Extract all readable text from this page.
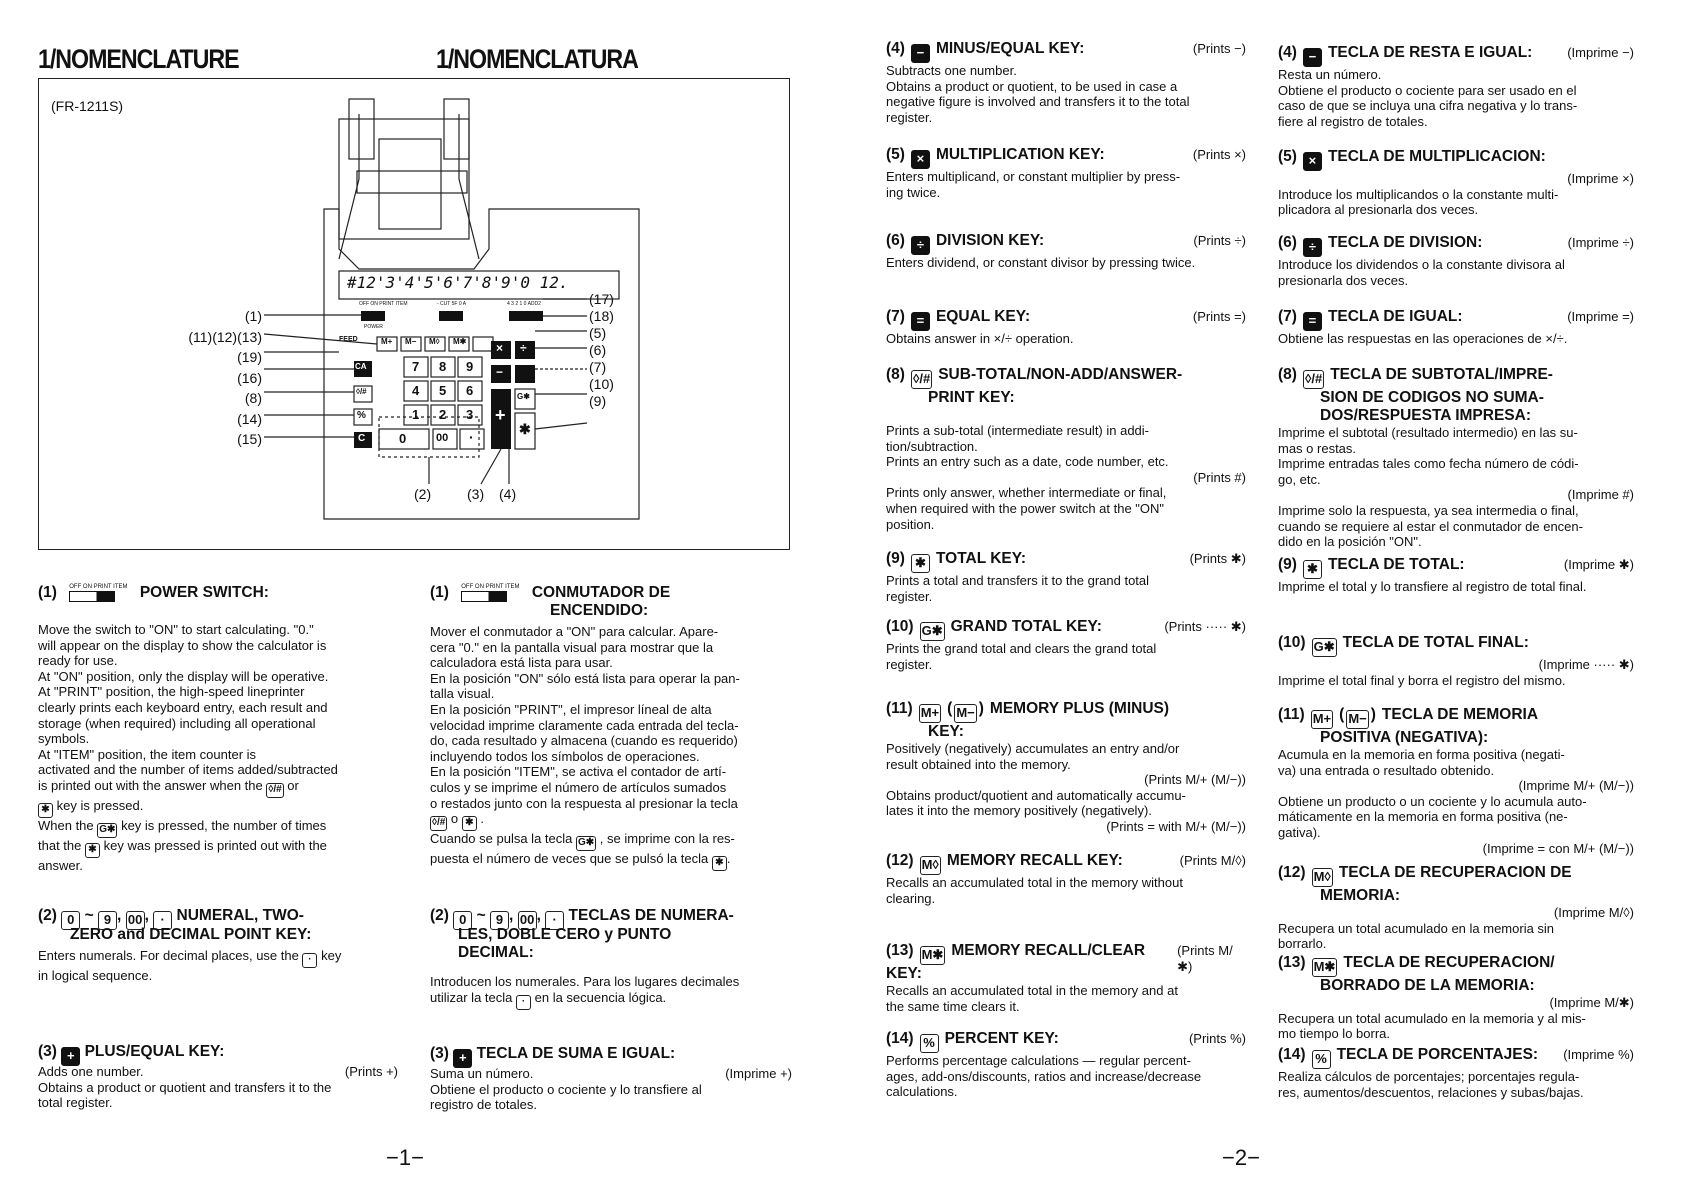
1/NOMENCLATURE	1/NOMENCLATURA
(FR-1211S)
#12'3'4'5'6'7'8'9'0 12.
(1)
(11)(12)(13)
(19)
(16)
(8)
(14)
(15)
(17)
(18)
(5)
(6)
(7)
(10)
(9)
(2)	(3) (4)
OFF ON PRINT ITEM	- CUT 5F 0 A	4 3 2 1 0 ADD2
POWER
FEED	M+ M− M◊ M✱
CA
◊/#
%
C
7 8 9
4 5 6
1 2 3
0	00 ·
× ÷
−
+
G✱
✱
(1) OFF ON PRINT ITEM POWER SWITCH:

Move the switch to "ON" to start calculating. "0."

will appear on the display to show the calculator is

ready for use.

At "ON" position, only the display will be operative.

At "PRINT" position, the high-speed lineprinter

clearly prints each keyboard entry, each result and

storage (when required) including all operational

symbols.

At "ITEM" position, the item counter is

activated and the number of items added/subtracted

is printed out with the answer when the ◊/# or

✱ key is pressed.

When the G✱ key is pressed, the number of times

that the ✱ key was pressed is printed out with the

answer.

(1) OFF ON PRINT ITEM CONMUTADOR DE
ENCENDIDO:

Mover el conmutador a "ON" para calcular. Apare-

cera "0." en la pantalla visual para mostrar que la

calculadora está lista para usar.

En la posición "ON" sólo está lista para operar la pan-

talla visual.

En la posición "PRINT", el impresor líneal de alta

velocidad imprime claramente cada entrada del tecla-

do, cada resultado y almacena (cuando es requerido)

incluyendo todos los símbolos de operaciones.

En la posición "ITEM", se activa el contador de artí-

culos y se imprime el número de artículos sumados

o restados junto con la respuesta al presionar la tecla

◊/# o ✱ .

Cuando se pulsa la tecla G✱ , se imprime con la res-

puesta el número de veces que se pulsó la tecla ✱ .

(2) 0 ~ 9 , 00 , · NUMERAL, TWO-
ZERO and DECIMAL POINT KEY:

Enters numerals. For decimal places, use the · key

in logical sequence.

(2) 0 ~ 9 , 00 , · TECLAS DE NUMERA-
LES, DOBLE CERO y PUNTO
DECIMAL:

Introducen los numerales. Para los lugares decimales

utilizar la tecla · en la secuencia lógica.

(3) + PLUS/EQUAL KEY:

Adds one number.	(Prints +)

Obtains a product or quotient and transfers it to the

total register.

(3) + TECLA DE SUMA E IGUAL:

Suma un número.	(Imprime +)

Obtiene el producto o cociente y lo transfiere al

registro de totales.

−1−
(4) − MINUS/EQUAL KEY:	(Prints −)

Subtracts one number.

Obtains a product or quotient, to be used in case a

negative figure is involved and transfers it to the total

register.

(5) × MULTIPLICATION KEY:	(Prints ×)

Enters multiplicand, or constant multiplier by press-

ing twice.

(6) ÷ DIVISION KEY:	(Prints ÷)

Enters dividend, or constant divisor by pressing twice.

(7) = EQUAL KEY:	(Prints =)

Obtains answer in ×/÷ operation.

(8) ◊/# SUB-TOTAL/NON-ADD/ANSWER-
PRINT KEY:

Prints a sub-total (intermediate result) in addi-

tion/subtraction.

Prints an entry such as a date, code number, etc.

(Prints #)

Prints only answer, whether intermediate or final,

when required with the power switch at the "ON"

position.

(9) ✱ TOTAL KEY:	(Prints ✱)

Prints a total and transfers it to the grand total

register.

(10) G✱ GRAND TOTAL KEY:	(Prints ····· ✱)

Prints the grand total and clears the grand total

register.

(11) M+ ( M− ) MEMORY PLUS (MINUS)
KEY:

Positively (negatively) accumulates an entry and/or

result obtained into the memory.

(Prints M/+ (M/−))

Obtains product/quotient and automatically accumu-

lates it into the memory positively (negatively).

(Prints = with M/+ (M/−))

(12) M◊ MEMORY RECALL KEY:	(Prints M/◊)

Recalls an accumulated total in the memory without

clearing.

(13) M✱ MEMORY RECALL/CLEAR KEY:
(Prints M/✱)

Recalls an accumulated total in the memory and at

the same time clears it.

(14) % PERCENT KEY:	(Prints %)

Performs percentage calculations — regular percent-

ages, add-ons/discounts, ratios and increase/decrease

calculations.

(4) − TECLA DE RESTA E IGUAL:	(Imprime −)

Resta un número.

Obtiene el producto o cociente para ser usado en el

caso de que se incluya una cifra negativa y lo trans-

fiere al registro de totales.

(5) × TECLA DE MULTIPLICACION:
(Imprime ×)

Introduce los multiplicandos o la constante multi-

plicadora al presionarla dos veces.

(6) ÷ TECLA DE DIVISION:	(Imprime ÷)

Introduce los dividendos o la constante divisora al

presionarla dos veces.

(7) = TECLA DE IGUAL:	(Imprime =)

Obtiene las respuestas en las operaciones de ×/÷.

(8) ◊/# TECLA DE SUBTOTAL/IMPRE-
SION DE CODIGOS NO SUMA-
DOS/RESPUESTA IMPRESA:

Imprime el subtotal (resultado intermedio) en las su-

mas o restas.

Imprime entradas tales como fecha número de códi-

go, etc.

(Imprime #)

Imprime solo la respuesta, ya sea intermedia o final,

cuando se requiere al estar el conmutador de encen-

dido en la posición "ON".

(9) ✱ TECLA DE TOTAL:	(Imprime ✱)

Imprime el total y lo transfiere al registro de total final.

(10) G✱ TECLA DE TOTAL FINAL:
(Imprime ····· ✱)

Imprime el total final y borra el registro del mismo.

(11) M+ ( M− ) TECLA DE MEMORIA
POSITIVA (NEGATIVA):

Acumula en la memoria en forma positiva (negati-

va) una entrada o resultado obtenido.

(Imprime M/+ (M/−))

Obtiene un producto o un cociente y lo acumula auto-

máticamente en la memoria en forma positiva (ne-

gativa).

(Imprime = con M/+ (M/−))

(12) M◊ TECLA DE RECUPERACION DE
MEMORIA:
(Imprime M/◊)

Recupera un total acumulado en la memoria sin

borrarlo.

(13) M✱ TECLA DE RECUPERACION/
BORRADO DE LA MEMORIA:
(Imprime M/✱)

Recupera un total acumulado en la memoria y al mis-

mo tiempo lo borra.

(14) % TECLA DE PORCENTAJES: (Imprime %)

Realiza cálculos de porcentajes; porcentajes regula-

res, aumentos/descuentos, relaciones y subas/bajas.

−2−
